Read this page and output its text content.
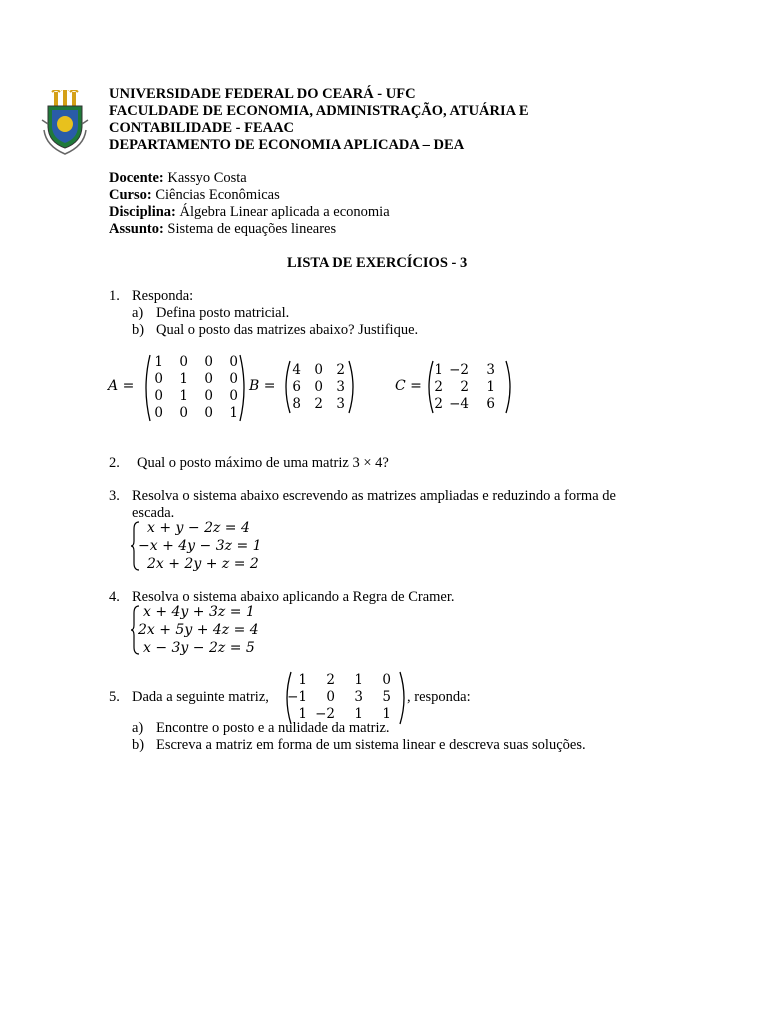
UNIVERSIDADE FEDERAL DO CEARÁ - UFC
FACULDADE DE ECONOMIA, ADMINISTRAÇÃO, ATUÁRIA E
CONTABILIDADE - FEAAC
DEPARTAMENTO DE ECONOMIA APLICADA – DEA
Docente: Kassyo Costa
Curso: Ciências Econômicas
Disciplina: Álgebra Linear aplicada a economia
Assunto: Sistema de equações lineares
LISTA DE EXERCÍCIOS - 3
1. Responda:
a) Defina posto matricial.
b) Qual o posto das matrizes abaixo? Justifique.
A =
1	0	0	0
0	1	0	0
0	1	0	0
0	0	0	1
B =
4 0 2
6 0 3
8 2 3
C =
1 −2	3
2	2	1
2 −4	6
2. Qual o posto máximo de uma matriz 3 × 4?
3. Resolva o sistema abaixo escrevendo as matrizes ampliadas e reduzindo a forma de
escada.
x + y − 2z = 4
−x + 4y − 3z = 1
2x + 2y + z = 2
4. Resolva o sistema abaixo aplicando a Regra de Cramer.
x + 4y + 3z = 1
2x + 5y + 4z = 4
x − 3y − 2z = 5
5. Dada a seguinte matriz,
1	2	1	0
−1	0	3	5
1 −2	1	1
, responda:
a) Encontre o posto e a nulidade da matriz.
b) Escreva a matriz em forma de um sistema linear e descreva suas soluções.
